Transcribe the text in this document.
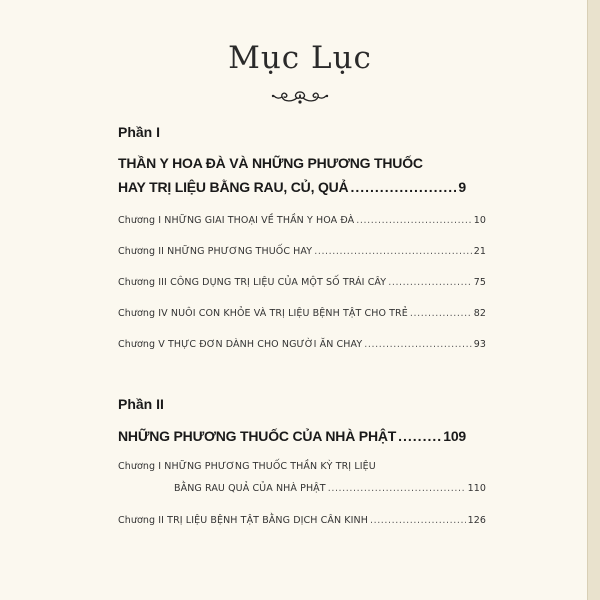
Mục Lục
Phần I
THẦN Y HOA ĐÀ VÀ NHỮNG PHƯƠNG THUỐC
HAY TRỊ LIỆU BẰNG RAU, CỦ, QUẢ .....	9
Chương I NHỮNG GIAI THOẠI VỀ THẦN Y HOA ĐÀ .....	10
Chương II NHỮNG PHƯƠNG THUỐC HAY .....	21
Chương III CÔNG DỤNG TRỊ LIỆU CỦA MỘT SỐ TRÁI CÂY .....	75
Chương IV NUÔI CON KHỎE VÀ TRỊ LIỆU BỆNH TẬT CHO TRẺ .....	82
Chương V THỰC ĐƠN DÀNH CHO NGƯỜI ĂN CHAY .....	93
Phần II
NHỮNG PHƯƠNG THUỐC CỦA NHÀ PHẬT .....	109
Chương I NHỮNG PHƯƠNG THUỐC THẦN KỲ TRỊ LIỆU
BẰNG RAU QUẢ CỦA NHÀ PHẬT .....	110
Chương II TRỊ LIỆU BỆNH TẬT BẰNG DỊCH CÂN KINH .....	126
